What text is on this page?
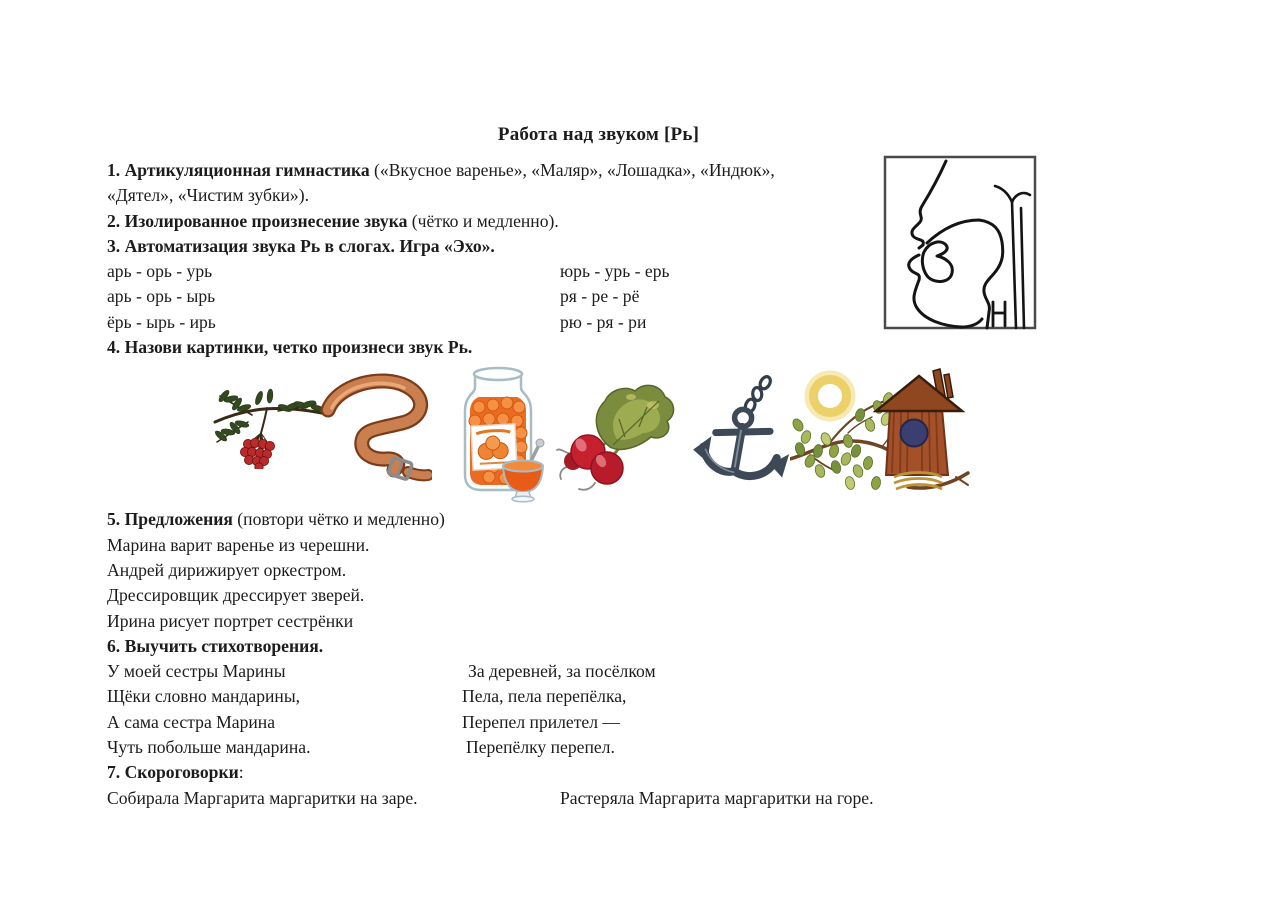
Работа над звуком [Рь]

1. Артикуляционная гимнастика («Вкусное варенье», «Маляр», «Лошадка», «Индюк»,

«Дятел», «Чистим зубки»).

2. Изолированное произнесение звука (чётко и медленно).

3. Автоматизация звука Рь в слогах. Игра «Эхо».

арь - орь - урь	юрь - урь - ерь
арь - орь - ырь	ря - ре - рё
ёрь - ырь - ирь	рю - ря - ри

4. Назови картинки, четко произнеси звук Рь.

5. Предложения (повтори чётко и медленно)

Марина варит варенье из черешни.

Андрей дирижирует оркестром.

Дрессировщик дрессирует зверей.

Ирина рисует портрет сестрёнки

6. Выучить стихотворения.

У моей сестры Марины	За деревней, за посёлком
Щёки словно мандарины,	Пела, пела перепёлка,
А сама сестра Марина	Перепел прилетел —
Чуть побольше мандарина.	Перепёлку перепел.

7. Скороговорки:

Собирала Маргарита маргаритки на заре.	Растеряла Маргарита маргаритки на горе.
